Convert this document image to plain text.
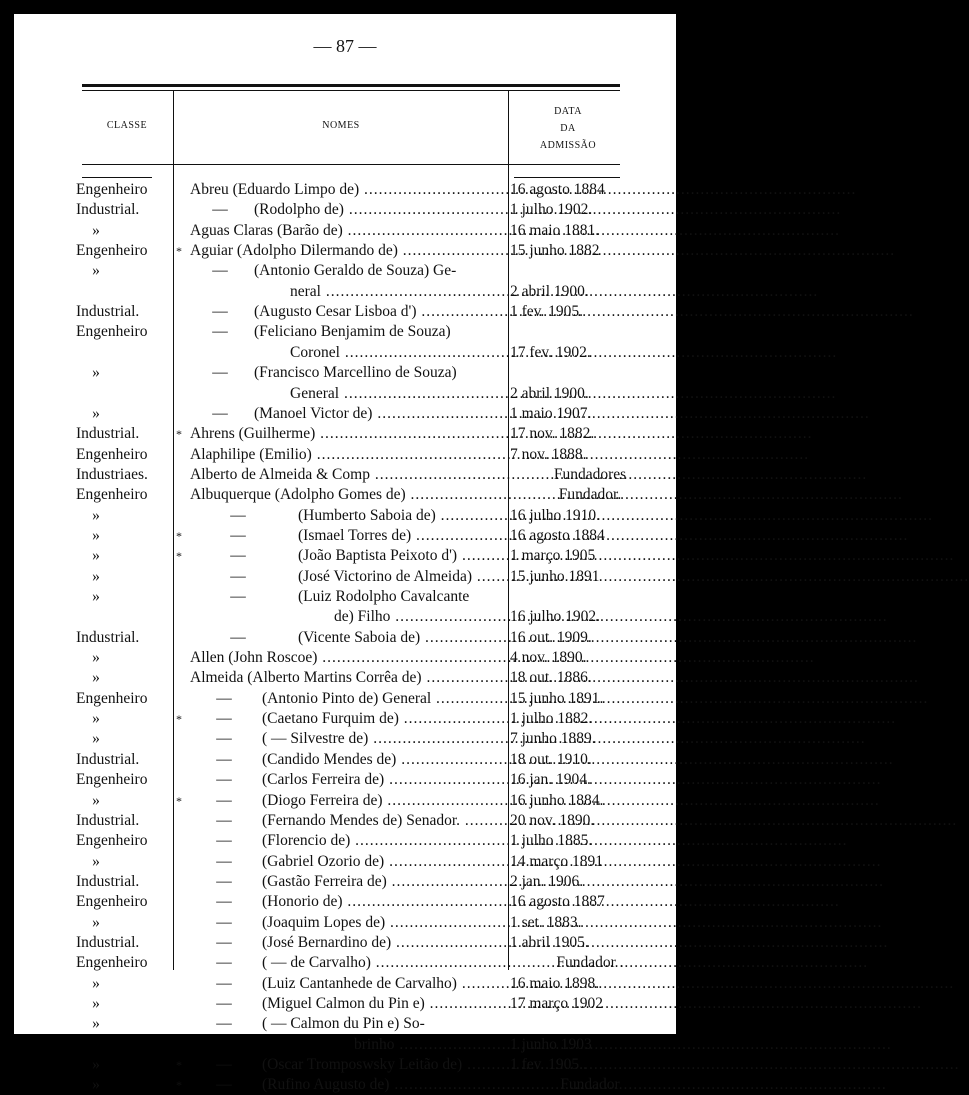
— 87 —
CLASSE	NOMES
DATA
DA
ADMISSÃO
Engenheiro	Abreu (Eduardo Limpo de) .....	16 agosto 1884
Industrial.	— (Rodolpho de) .....	1 julho 1902.
»	Aguas Claras (Barão de) .....	16 maio 1881.
Engenheiro	* Aguiar (Adolpho Dilermando de) .....	15 junho 1882
»	— (Antonio Geraldo de Souza) Ge-
neral .....	2 abril 1900.
Industrial.	— (Augusto Cesar Lisboa d') .....	1 fev. 1905.
Engenheiro	— (Feliciano Benjamim de Souza)
Coronel .....	17 fev. 1902.
»	— (Francisco Marcellino de Souza)
General .....	2 abril 1900.
»	— (Manoel Victor de) .....	1 maio 1907.
Industrial.	* Ahrens (Guilherme) .....	17 nov. 1882.
Engenheiro	Alaphilipe (Emilio) .....	7 nov. 1888.
Industriaes.	Alberto de Almeida & Comp .....	Fundadores
Engenheiro	Albuquerque (Adolpho Gomes de) .....	Fundador.
»	—	(Humberto Saboia de) .....	16 julho 1910.
»	*	—	(Ismael Torres de) .....	16 agosto 1884
»	*	—	(João Baptista Peixoto d') .....	1 março 1905
»	—	(José Victorino de Almeida) .....	15 junho 1891
»	—	(Luiz Rodolpho Cavalcante
de) Filho .....	16 julho 1902.
Industrial.	—	(Vicente Saboia de) .....	16 out. 1909.
»	Allen (John Roscoe) .....	4 nov. 1890.
»	Almeida (Alberto Martins Corrêa de) .....	18 out. 1886.
Engenheiro	— (Antonio Pinto de) General .....	15 junho 1891.
»	* — (Caetano Furquim de) .....	1 julho 1882.
»	— ( — Silvestre de) .....	7 junho 1889.
Industrial.	— (Candido Mendes de) .....	18 out. 1910.
Engenheiro	— (Carlos Ferreira de) .....	16 jan. 1904.
»	* — (Diogo Ferreira de) .....	16 junho 1884.
Industrial.	— (Fernando Mendes de) Senador. .....	20 nov. 1890.
Engenheiro	— (Florencio de) .....	1 julho 1885.
»	— (Gabriel Ozorio de) .....	14 março 1891
Industrial.	— (Gastão Ferreira de) .....	2 jan. 1906.
Engenheiro	— (Honorio de) .....	16 agosto 1887
»	— (Joaquim Lopes de) .....	1 set. 1883.
Industrial.	— (José Bernardino de) .....	1 abril 1905.
Engenheiro	— ( — de Carvalho) .....	Fundador .
»	— (Luiz Cantanhede de Carvalho) .....	16 maio 1898.
»	— (Miguel Calmon du Pin e) .....	17 março 1902
»	— ( — Calmon du Pin e) So-
brinho .....	1 junho 1903
»	* — (Oscar Tromposwsky Leitão de) .....	1 fev. 1905..
»	* — (Rufino Augusto de) .....	Fundador
